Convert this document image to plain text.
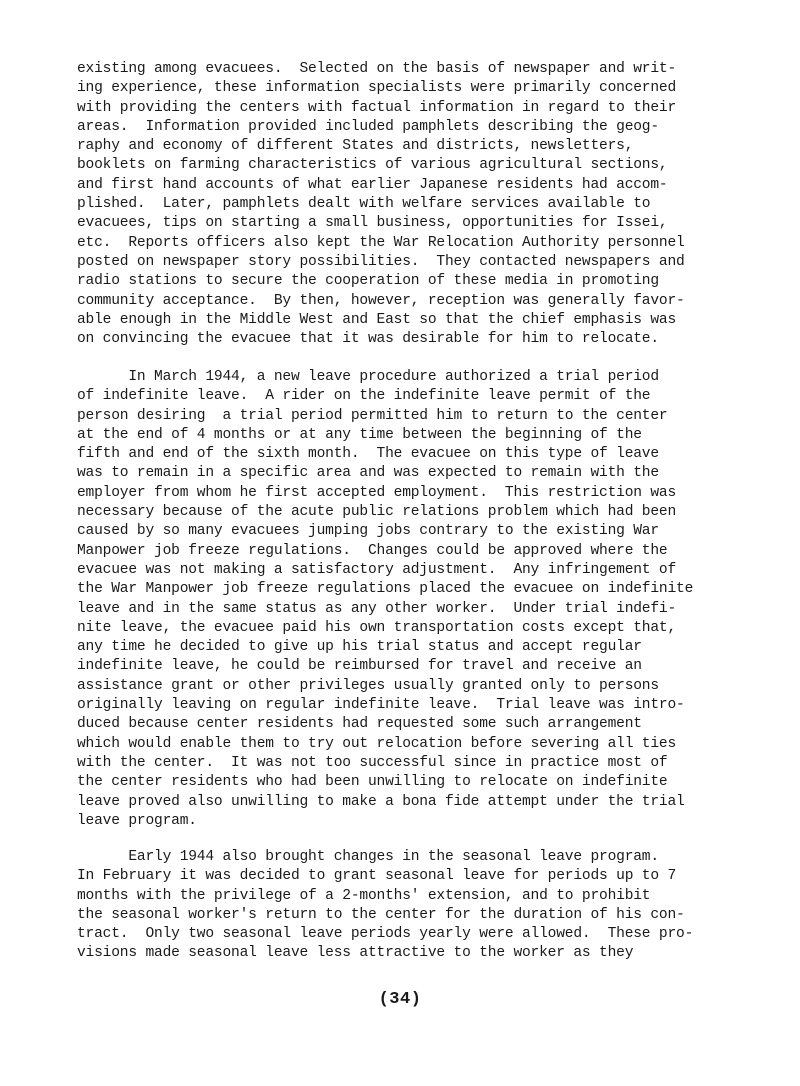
existing among evacuees.  Selected on the basis of newspaper and writ-
ing experience, these information specialists were primarily concerned
with providing the centers with factual information in regard to their
areas.  Information provided included pamphlets describing the geog-
raphy and economy of different States and districts, newsletters,
booklets on farming characteristics of various agricultural sections,
and first hand accounts of what earlier Japanese residents had accom-
plished.  Later, pamphlets dealt with welfare services available to
evacuees, tips on starting a small business, opportunities for Issei,
etc.  Reports officers also kept the War Relocation Authority personnel
posted on newspaper story possibilities.  They contacted newspapers and
radio stations to secure the cooperation of these media in promoting
community acceptance.  By then, however, reception was generally favor-
able enough in the Middle West and East so that the chief emphasis was
on convincing the evacuee that it was desirable for him to relocate.
In March 1944, a new leave procedure authorized a trial period
of indefinite leave.  A rider on the indefinite leave permit of the
person desiring  a trial period permitted him to return to the center
at the end of 4 months or at any time between the beginning of the
fifth and end of the sixth month.  The evacuee on this type of leave
was to remain in a specific area and was expected to remain with the
employer from whom he first accepted employment.  This restriction was
necessary because of the acute public relations problem which had been
caused by so many evacuees jumping jobs contrary to the existing War
Manpower job freeze regulations.  Changes could be approved where the
evacuee was not making a satisfactory adjustment.  Any infringement of
the War Manpower job freeze regulations placed the evacuee on indefinite
leave and in the same status as any other worker.  Under trial indefi-
nite leave, the evacuee paid his own transportation costs except that,
any time he decided to give up his trial status and accept regular
indefinite leave, he could be reimbursed for travel and receive an
assistance grant or other privileges usually granted only to persons
originally leaving on regular indefinite leave.  Trial leave was intro-
duced because center residents had requested some such arrangement
which would enable them to try out relocation before severing all ties
with the center.  It was not too successful since in practice most of
the center residents who had been unwilling to relocate on indefinite
leave proved also unwilling to make a bona fide attempt under the trial
leave program.
Early 1944 also brought changes in the seasonal leave program.
In February it was decided to grant seasonal leave for periods up to 7
months with the privilege of a 2-months' extension, and to prohibit
the seasonal worker's return to the center for the duration of his con-
tract.  Only two seasonal leave periods yearly were allowed.  These pro-
visions made seasonal leave less attractive to the worker as they
(34)
